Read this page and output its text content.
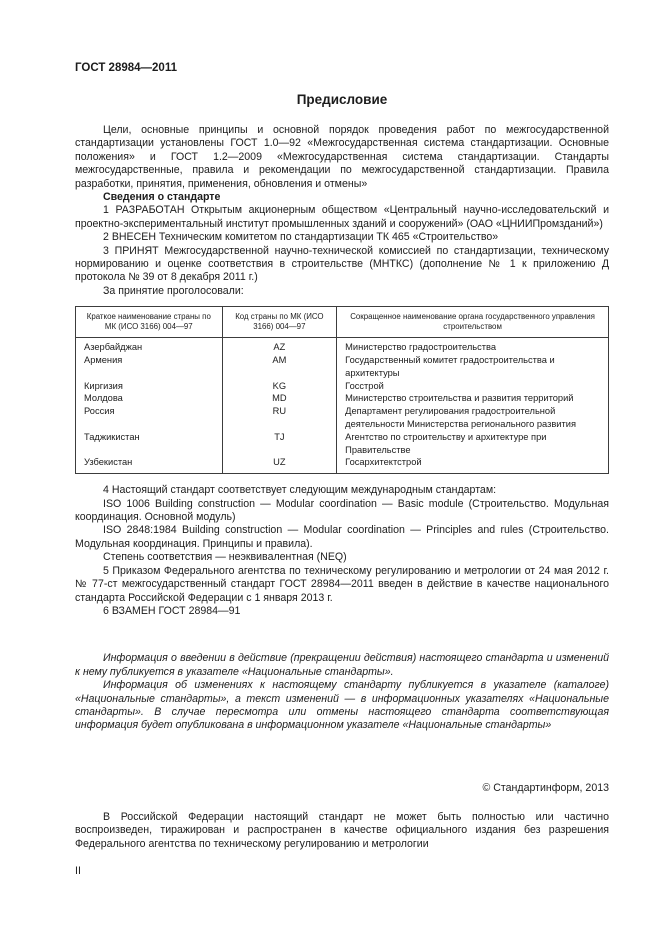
ГОСТ 28984—2011
Предисловие

Цели, основные принципы и основной порядок проведения работ по межгосударственной стандартизации установлены ГОСТ 1.0—92 «Межгосударственная система стандартизации. Основные положения» и ГОСТ 1.2—2009 «Межгосударственная система стандартизации. Стандарты межгосударственные, правила и рекомендации по межгосударственной стандартизации. Правила разработки, принятия, применения, обновления и отмены»

Сведения о стандарте

1 РАЗРАБОТАН Открытым акционерным обществом «Центральный научно-исследовательский и проектно-экспериментальный институт промышленных зданий и сооружений» (ОАО «ЦНИИПромзданий»)

2 ВНЕСЕН Техническим комитетом по стандартизации ТК 465 «Строительство»

3 ПРИНЯТ Межгосударственной научно-технической комиссией по стандартизации, техническому нормированию и оценке соответствия в строительстве (МНТКС) (дополнение № 1 к приложению Д протокола № 39 от 8 декабря 2011 г.)

За принятие проголосовали:

Краткое наименование страны по МК (ИСО 3166) 004—97	Код страны по МК (ИСО 3166) 004—97	Сокращенное наименование органа государственного управления строительством
Азербайджан	AZ	Министерство градостроительства
Армения	AM	Государственный комитет градостроительства и архитектуры
Киргизия	KG	Госстрой
Молдова	MD	Министерство строительства и развития территорий
Россия	RU	Департамент регулирования градостроительной деятельности Министерства регионального развития
Таджикистан	TJ	Агентство по строительству и архитектуре при Правительстве
Узбекистан	UZ	Госархитектстрой

4 Настоящий стандарт соответствует следующим международным стандартам:

ISO 1006 Building construction — Modular coordination — Basic module (Строительство. Модульная координация. Основной модуль)

ISO 2848:1984 Building construction — Modular coordination — Principles and rules (Строительство. Модульная координация. Принципы и правила).

Степень соответствия — неэквивалентная (NEQ)

5 Приказом Федерального агентства по техническому регулированию и метрологии от 24 мая 2012 г. № 77-ст межгосударственный стандарт ГОСТ 28984—2011 введен в действие в качестве национального стандарта Российской Федерации с 1 января 2013 г.

6 ВЗАМЕН ГОСТ 28984—91

Информация о введении в действие (прекращении действия) настоящего стандарта и изменений к нему публикуется в указателе «Национальные стандарты».

Информация об изменениях к настоящему стандарту публикуется в указателе (каталоге) «Национальные стандарты», а текст изменений — в информационных указателях «Национальные стандарты». В случае пересмотра или отмены настоящего стандарта соответствующая информация будет опубликована в информационном указателе «Национальные стандарты»

© Стандартинформ, 2013

В Российской Федерации настоящий стандарт не может быть полностью или частично воспроизведен, тиражирован и распространен в качестве официального издания без разрешения Федерального агентства по техническому регулированию и метрологии

II
